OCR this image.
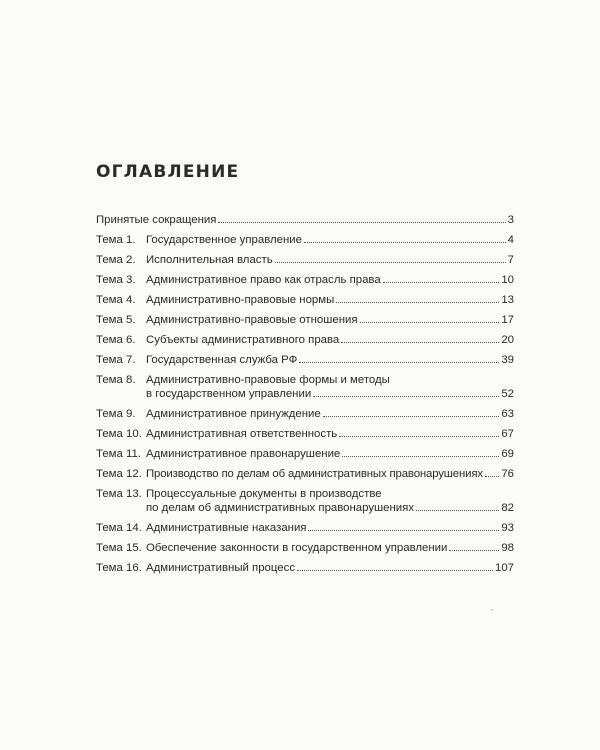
ОГЛАВЛЕНИЕ
Принятые сокращения	3
Тема 1. Государственное управление	4
Тема 2. Исполнительная власть	7
Тема 3. Административное право как отрасль права	10
Тема 4. Административно-правовые нормы	13
Тема 5. Административно-правовые отношения	17
Тема 6. Субъекты административного права	20
Тема 7. Государственная служба РФ	39
Тема 8. Административно-правовые формы и методы
в государственном управлении	52
Тема 9. Административное принуждение	63
Тема 10. Административная ответственность	67
Тема 11. Административное правонарушение	69
Тема 12. Производство по делам об административных правонарушениях 76
Тема 13. Процессуальные документы в производстве
по делам об административных правонарушениях	82
Тема 14. Административные наказания	93
Тема 15. Обеспечение законности в государственном управлении	98
Тема 16. Административный процесс	107
